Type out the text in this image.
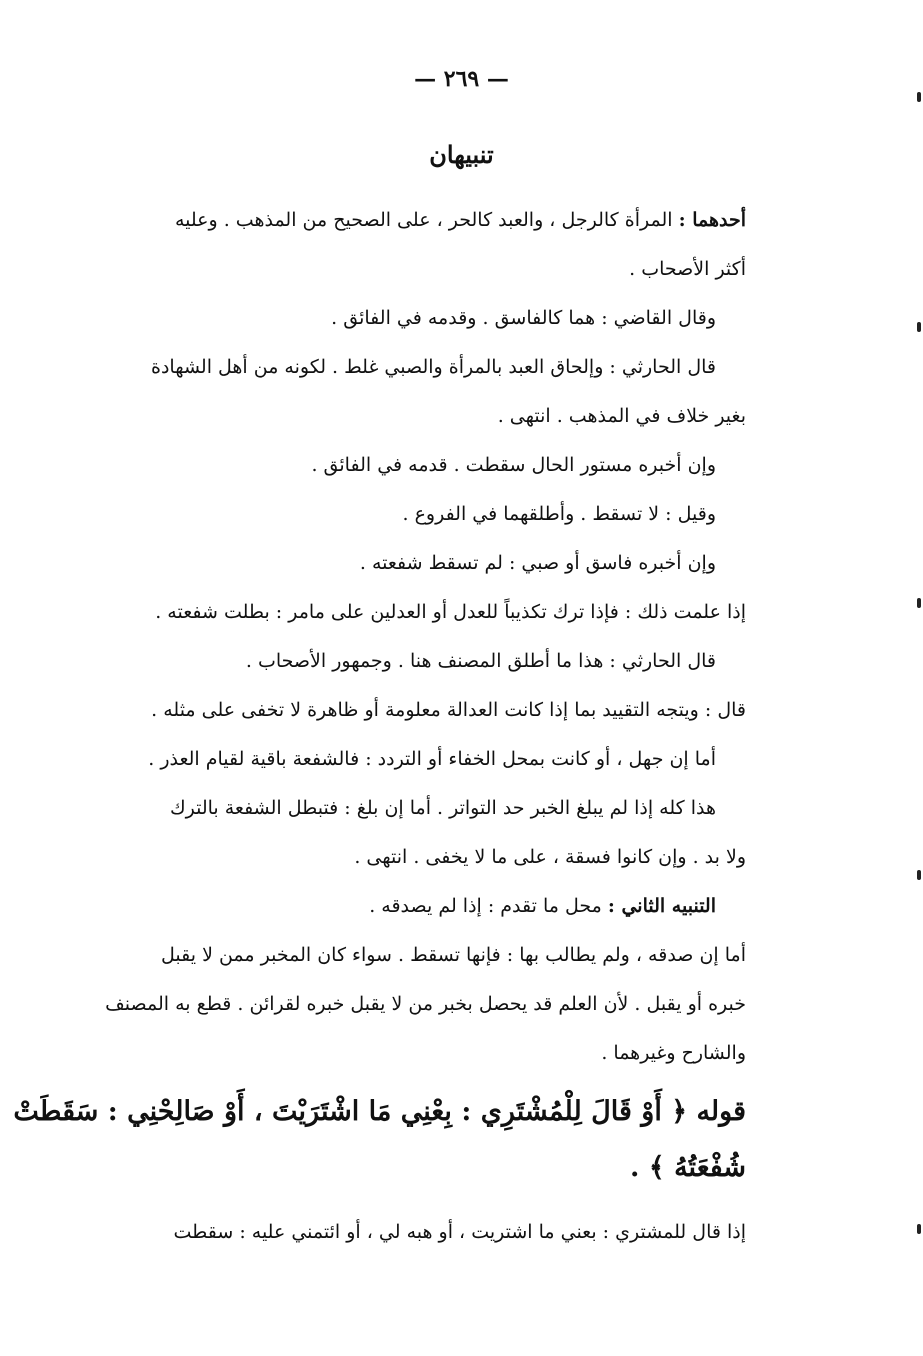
— ٢٦٩ —
تنبيهان
أحدهما : المرأة كالرجل ، والعبد كالحر ، على الصحيح من المذهب . وعليه
أكثر الأصحاب .
وقال القاضي : هما كالفاسق . وقدمه في الفائق .
قال الحارثي : وإلحاق العبد بالمرأة والصبي غلط . لكونه من أهل الشهادة
بغير خلاف في المذهب . انتهى .
وإن أخبره مستور الحال سقطت . قدمه في الفائق .
وقيل : لا تسقط . وأطلقهما في الفروع .
وإن أخبره فاسق أو صبي : لم تسقط شفعته .
إذا علمت ذلك : فإذا ترك تكذيباً للعدل أو العدلين على مامر : بطلت شفعته .
قال الحارثي : هذا ما أطلق المصنف هنا . وجمهور الأصحاب .
قال : ويتجه التقييد بما إذا كانت العدالة معلومة أو ظاهرة لا تخفى على مثله .
أما إن جهل ، أو كانت بمحل الخفاء أو التردد : فالشفعة باقية لقيام العذر .
هذا كله إذا لم يبلغ الخبر حد التواتر . أما إن بلغ : فتبطل الشفعة بالترك
ولا بد . وإن كانوا فسقة ، على ما لا يخفى . انتهى .
التنبيه الثاني : محل ما تقدم : إذا لم يصدقه .
أما إن صدقه ، ولم يطالب بها : فإنها تسقط . سواء كان المخبر ممن لا يقبل
خبره أو يقبل . لأن العلم قد يحصل بخبر من لا يقبل خبره لقرائن . قطع به المصنف
والشارح وغيرهما .
قوله ﴿ أَوْ قَالَ لِلْمُشْتَرِي : بِعْنِي مَا اشْتَرَيْتَ ، أَوْ صَالِحْنِي : سَقَطَتْ
شُفْعَتُهُ ﴾ .
إذا قال للمشتري : بعني ما اشتريت ، أو هبه لي ، أو ائتمني عليه : سقطت
